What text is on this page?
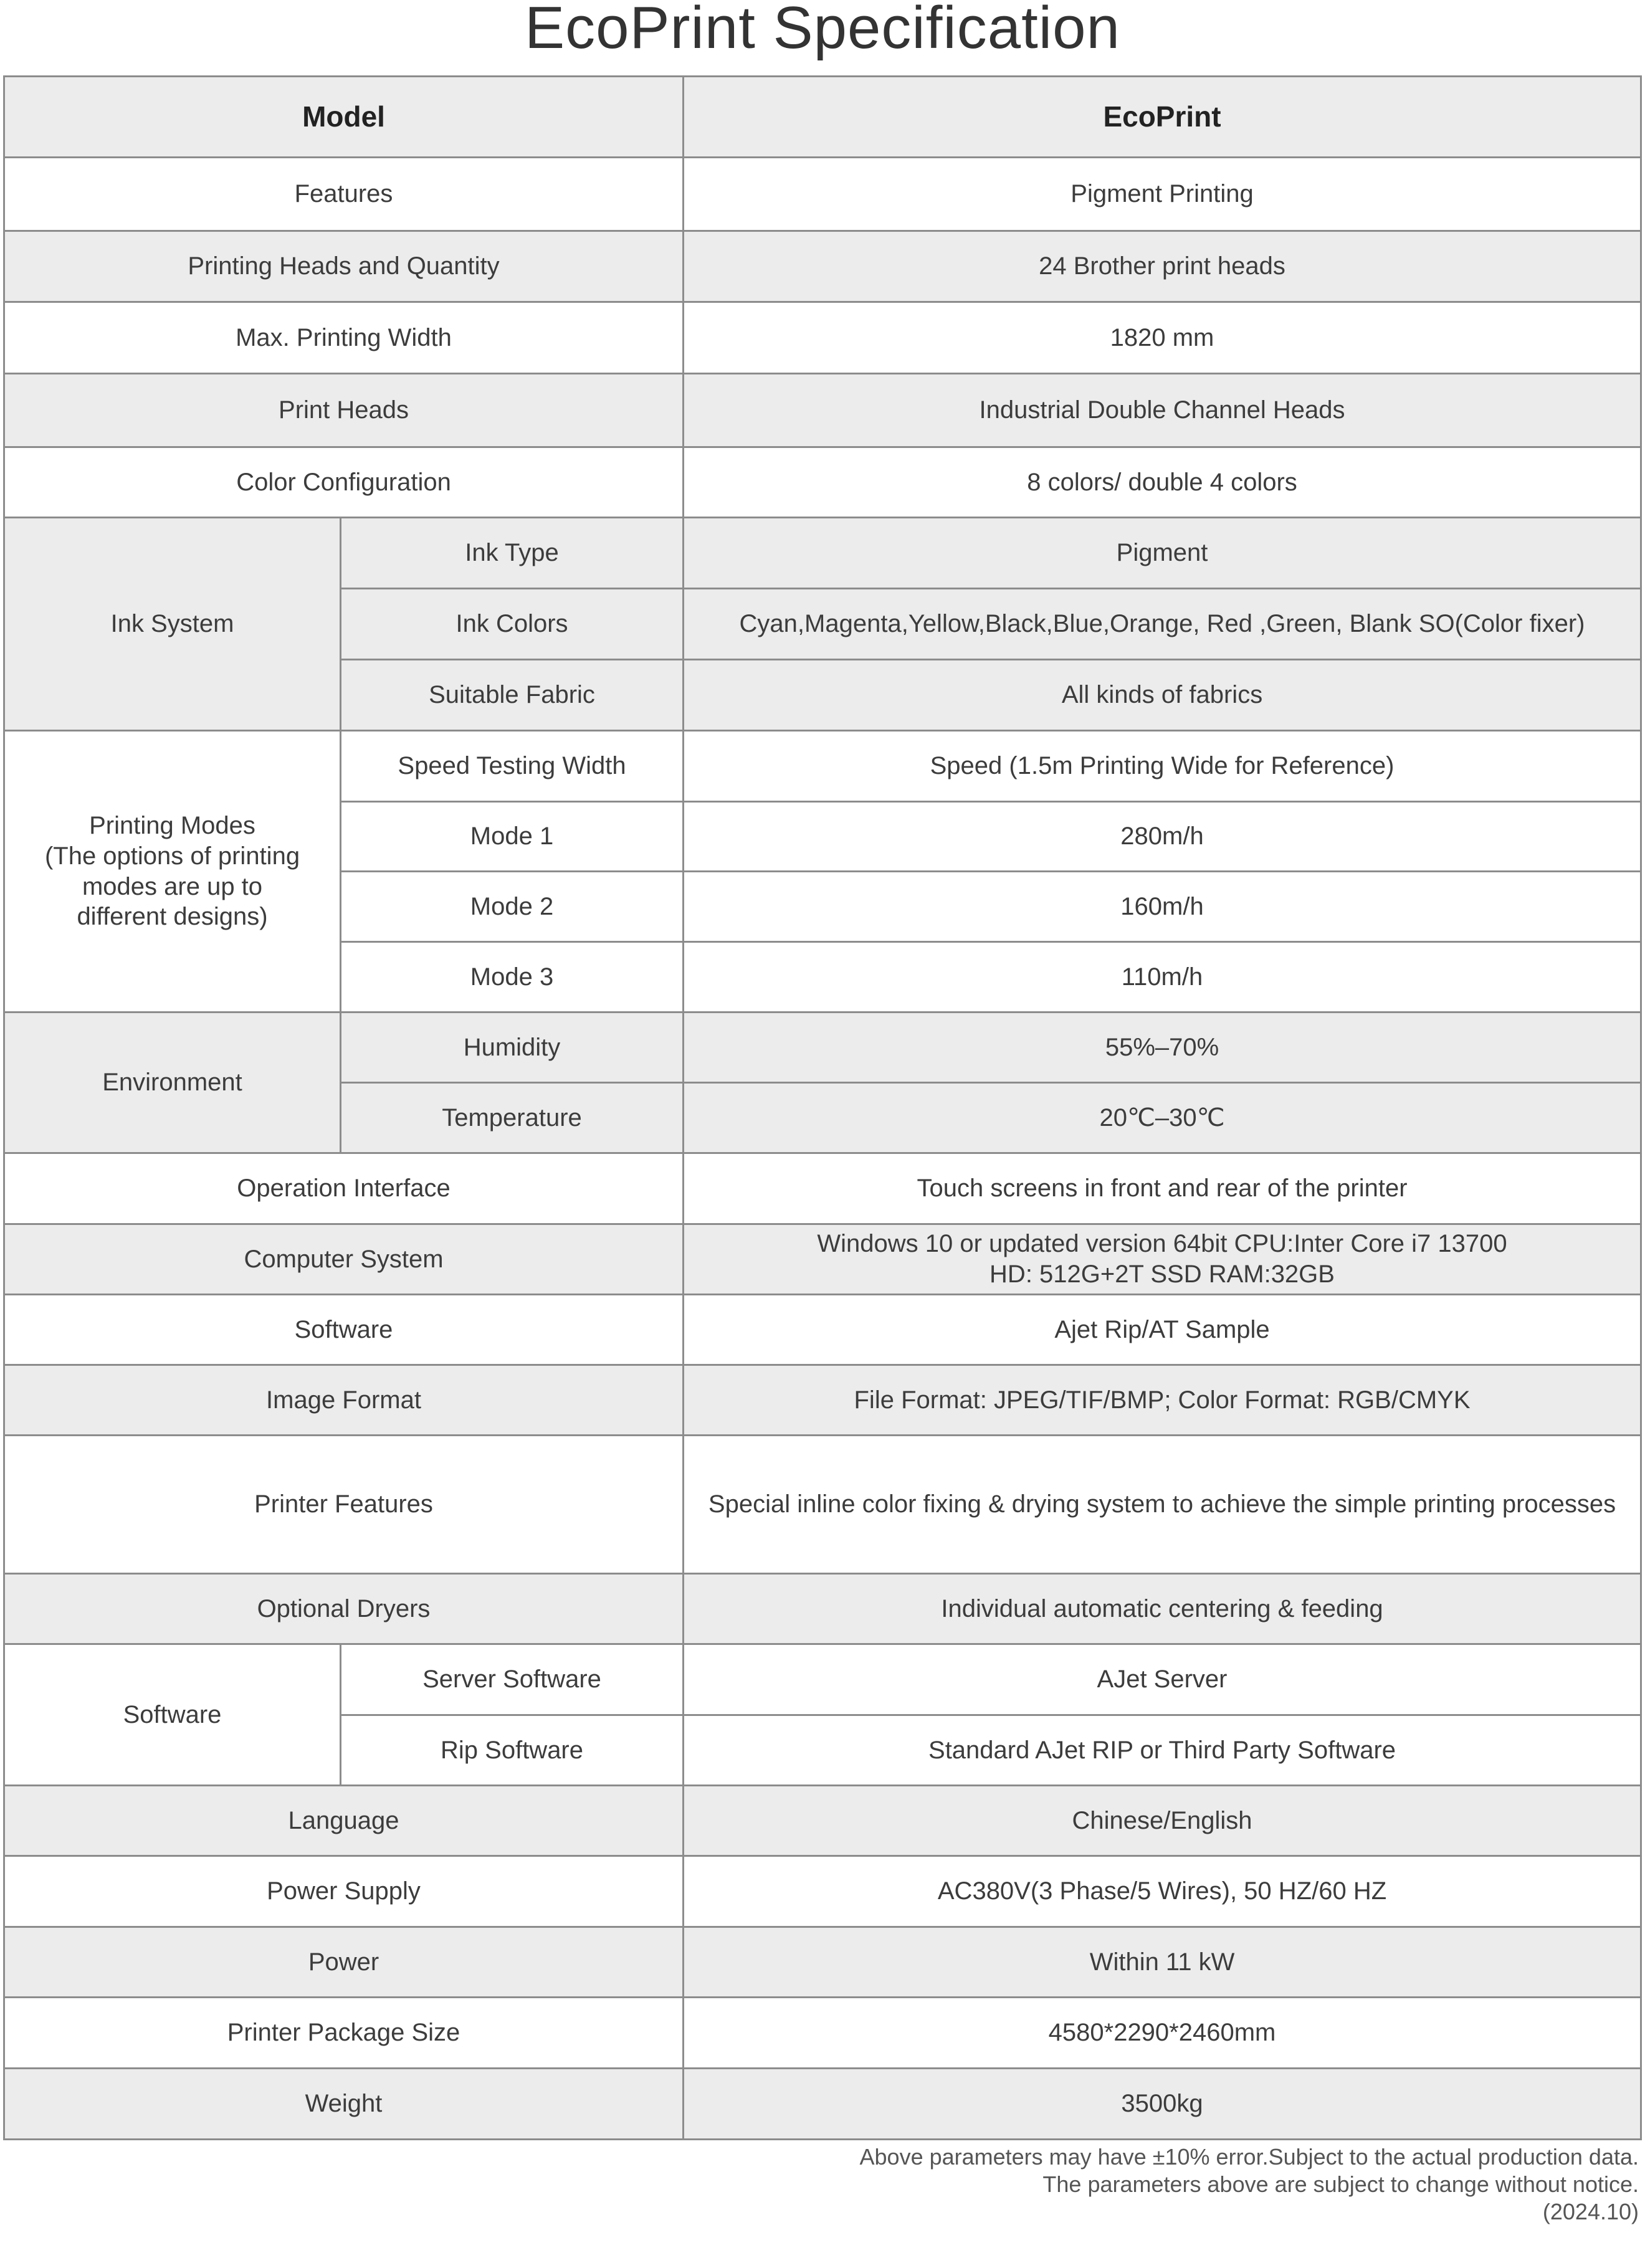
EcoPrint Specification
Model		EcoPrint
Features		Pigment Printing
Printing Heads and Quantity		24 Brother print heads
Max. Printing Width		1820 mm
Print Heads		Industrial Double Channel Heads
Color Configuration		8 colors/ double 4 colors
Ink System	Ink Type	Pigment
	Ink Colors	Cyan,Magenta,Yellow,Black,Blue,Orange, Red ,Green, Blank SO(Color fixer)
	Suitable Fabric	All kinds of fabrics

Printing Modes
(The options of printing
modes are up to
different designs)	Speed Testing Width	Speed (1.5m Printing Wide for Reference)
	Mode 1	280m/h
	Mode 2	160m/h
	Mode 3	110m/h
Environment	Humidity	55%–70%
	Temperature	20℃–30℃
Operation Interface		Touch screens in front and rear of the printer
Computer System		Windows 10 or updated version 64bit CPU:Inter Core i7 13700
HD: 512G+2T SSD RAM:32GB

Software		Ajet Rip/AT Sample
Image Format		File Format: JPEG/TIF/BMP; Color Format: RGB/CMYK
Printer Features		Special inline color fixing & drying system to achieve the simple printing processes
Optional Dryers		Individual automatic centering & feeding
Software	Server Software	AJet Server
	Rip Software	Standard AJet RIP or Third Party Software
Language		Chinese/English
Power Supply		AC380V(3 Phase/5 Wires), 50 HZ/60 HZ
Power		Within 11 kW
Printer Package Size		4580*2290*2460mm
Weight		3500kg
Above parameters may have ±10% error.Subject to the actual production data.
The parameters above are subject to change without notice.
(2024.10)
